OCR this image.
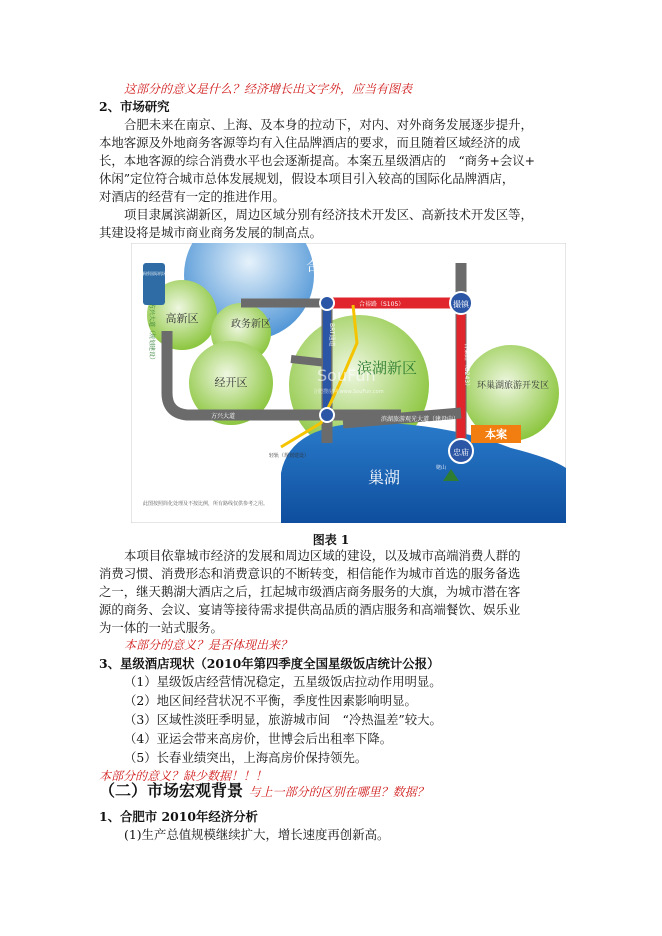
这部分的意义是什么？经济增长出文字外，应当有图表
2、市场研究
合肥未来在南京、上海、及本身的拉动下，对内、对外商务发展逐步提升，
本地客源及外地商务客源等均有入住品牌酒店的要求，而且随着区域经济的成
长，本地客源的综合消费水平也会逐渐提高。本案五星级酒店的　“商务+会议+
休闲”定位符合城市总体发展规划，假设本项目引入较高的国际化品牌酒店，
对酒店的经营有一定的推进作用。
项目隶属滨湖新区，周边区域分别有经济技术开发区、高新技术开发区等，
其建设将是城市商业商务发展的制高点。
新桥国际机场	合肥老城区
高新区	政务新区
经开区
滨湖新区
环巢湖旅游开发区
巢湖
撮镇
忠庙
本案
合裕路（S105）
滨湖旅游观光大道（建设中）
方兴大道
方兴大道（规划建设）
合巢路（G243）
BRT通道
轻轨（规划建设）
姥山
SouFun
合肥搜房网 www.SouFun.com
此图按照简化处理及不按比例，所有路线仅供参考之用。
图表 1
本项目依靠城市经济的发展和周边区域的建设，以及城市高端消费人群的
消费习惯、消费形态和消费意识的不断转变，相信能作为城市首选的服务备选
之一，继天鹅湖大酒店之后，扛起城市级酒店商务服务的大旗，为城市潜在客
源的商务、会议、宴请等接待需求提供高品质的酒店服务和高端餐饮、娱乐业
为一体的一站式服务。
本部分的意义？是否体现出来？
3、星级酒店现状（2010年第四季度全国星级饭店统计公报）
（1）星级饭店经营情况稳定，五星级饭店拉动作用明显。
（2）地区间经营状况不平衡，季度性因素影响明显。
（3）区域性淡旺季明显，旅游城市间　“冷热温差”较大。
（4）亚运会带来高房价，世博会后出租率下降。
（5）长春业绩突出，上海高房价保持领先。
本部分的意义？缺少数据！！！
（二）市场宏观背景 与上一部分的区别在哪里？数据？
1、合肥市 2010年经济分析
(1)生产总值规模继续扩大，增长速度再创新高。
